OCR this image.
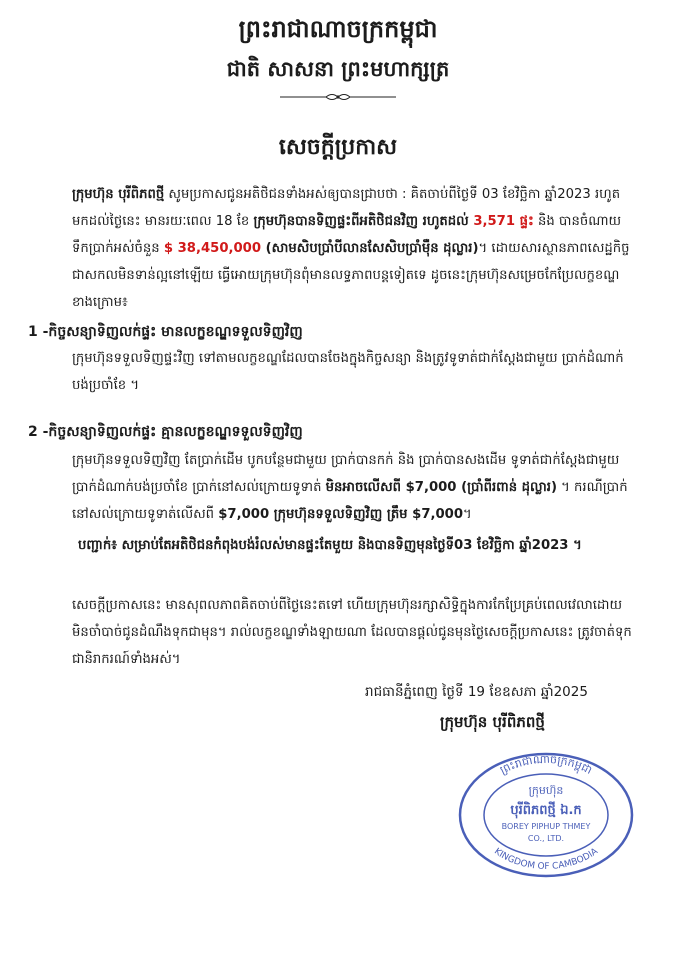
ព្រះរាជាណាចក្រកម្ពុជា
ជាតិ សាសនា ព្រះមហាក្សត្រ
សេចក្តីប្រកាស
ក្រុមហ៊ុន បុរីពិភពថ្មី សូមប្រកាសជូនអតិថិជនទាំងអស់ឲ្យបានជ្រាបថា : គិតចាប់ពីថ្ងៃទី 03 ខែវិច្ឆិកា ឆ្នាំ2023 រហូតមកដល់ថ្ងៃនេះ មានរយៈពេល 18 ខែ ក្រុមហ៊ុនបានទិញផ្ទះពីអតិថិជនវិញ រហូតដល់ 3,571 ផ្ទះ និង បានចំណាយទឹកប្រាក់អស់ចំនួន $ 38,450,000 (សាមសិបប្រាំបីលានសែសិបប្រាំម៉ឺន ដុល្លារ)។ ដោយសារស្ថានភាពសេដ្ឋកិច្ចជាសកលមិនទាន់ល្អនៅឡើយ ធ្វើអោយក្រុមហ៊ុនពុំមានលទ្ធភាពបន្តទៀតទេ ដូចនេះក្រុមហ៊ុនសម្រេចកែប្រែលក្ខខណ្ឌខាងក្រោម៖
1 -កិច្ចសន្យាទិញលក់ផ្ទះ មានលក្ខខណ្ឌទទួលទិញវិញ
ក្រុមហ៊ុនទទួលទិញផ្ទះវិញ ទៅតាមលក្ខខណ្ឌដែលបានចែងក្នុងកិច្ចសន្យា និងត្រូវទូទាត់ជាក់ស្តែងជាមួយ ប្រាក់ដំណាក់បង់ប្រចាំខែ ។
2 -កិច្ចសន្យាទិញលក់ផ្ទះ គ្មានលក្ខខណ្ឌទទួលទិញវិញ
ក្រុមហ៊ុនទទួលទិញវិញ តែប្រាក់ដើម បូកបន្ថែមជាមួយ ប្រាក់បានកក់ និង ប្រាក់បានសងដើម ទូទាត់ជាក់ស្តែងជាមួយ ប្រាក់ដំណាក់បង់ប្រចាំខែ ប្រាក់នៅសល់ក្រោយទូទាត់ មិនអាចលើសពី $7,000 (ប្រាំពីរពាន់ ដុល្លារ) ។ ករណីប្រាក់នៅសល់ក្រោយទូទាត់លើសពី $7,000 ក្រុមហ៊ុនទទួលទិញវិញ ត្រឹម $7,000។
បញ្ជាក់៖ សម្រាប់តែអតិថិជនកំពុងបង់រំលស់មានផ្ទះតែមួយ និងបានទិញមុនថ្ងៃទី03 ខែវិច្ឆិកា ឆ្នាំ2023 ។
សេចក្តីប្រកាសនេះ មានសុពលភាពគិតចាប់ពីថ្ងៃនេះតទៅ ហើយក្រុមហ៊ុនរក្សាសិទ្ធិក្នុងការកែប្រែគ្រប់ពេលវេលាដោយមិនចាំបាច់ជូនដំណឹងទុកជាមុន។ រាល់លក្ខខណ្ឌទាំងឡាយណា ដែលបានផ្តល់ជូនមុនថ្ងៃសេចក្តីប្រកាសនេះ ត្រូវចាត់ទុកជានិរាករណ៍ទាំងអស់។
រាជធានីភ្នំពេញ ថ្ងៃទី 19 ខែឧសភា ឆ្នាំ2025
ក្រុមហ៊ុន បុរីពិភពថ្មី
ព្រះរាជាណាចក្រកម្ពុជា
KINGDOM OF CAMBODIA
ក្រុមហ៊ុន
បុរីពិភពថ្មី ឯ.ក
BOREY PIPHUP THMEY
CO., LTD.
